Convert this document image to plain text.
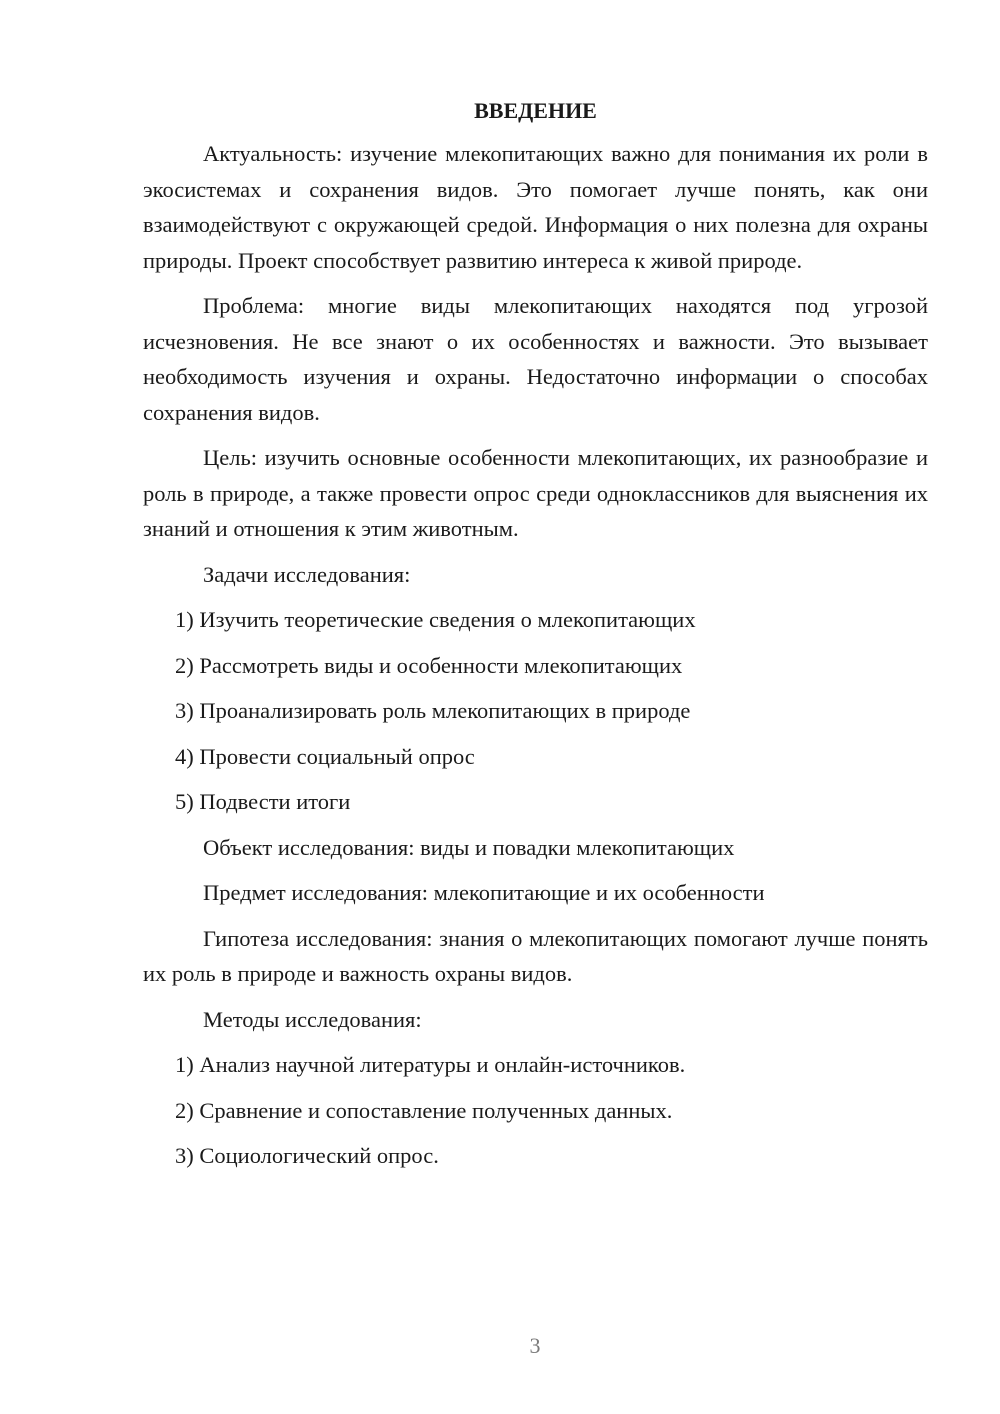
ВВЕДЕНИЕ

Актуальность: изучение млекопитающих важно для понимания их роли в экосистемах и сохранения видов. Это помогает лучше понять, как они взаимодействуют с окружающей средой. Информация о них полезна для охраны природы. Проект способствует развитию интереса к живой природе.

Проблема: многие виды млекопитающих находятся под угрозой исчезновения. Не все знают о их особенностях и важности. Это вызывает необходимость изучения и охраны. Недостаточно информации о способах сохранения видов.

Цель: изучить основные особенности млекопитающих, их разнообразие и роль в природе, а также провести опрос среди одноклассников для выяснения их знаний и отношения к этим животным.

Задачи исследования:
1) Изучить теоретические сведения о млекопитающих
2) Рассмотреть виды и особенности млекопитающих
3) Проанализировать роль млекопитающих в природе
4) Провести социальный опрос
5) Подвести итоги
Объект исследования: виды и повадки млекопитающих
Предмет исследования: млекопитающие и их особенности

Гипотеза исследования: знания о млекопитающих помогают лучше понять их роль в природе и важность охраны видов.

Методы исследования:
1) Анализ научной литературы и онлайн-источников.
2) Сравнение и сопоставление полученных данных.
3) Социологический опрос.
3
